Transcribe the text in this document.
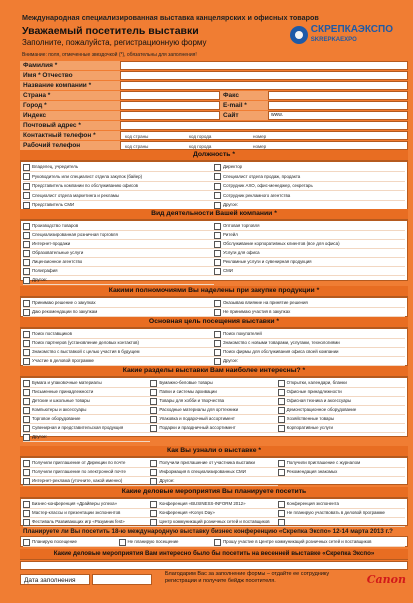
Международная специализированная выставка канцелярских и офисных товаров
Уважаемый посетитель выставки
Заполните, пожалуйста, регистрационную форму
Внимание: поля, отмеченные звездочкой (*), обязательны для заполнения!
СКРЕПКАЭКСПО
SKREPKAEXPO
Фамилия *
Имя * Отчество
Название компании *
Страна *	Факс
Город *	E-mail *
Индекс	Сайт	www.
Почтовый адрес *
Контактный телефон *	код страны	код города	номер
Рабочий телефон	код страны	код города	номер
Должность *
Владелец, учредитель	Директор
Руководитель или специалист отдела закупок (байер)	Специалист отдела продаж, продакта
Представитель компании по обслуживанию офисов	Сотрудник АХО, офис-менеджер, секретарь
Специалист отдела маркетинга и рекламы	Сотрудник рекламного агентства
Представитель СМИ	Другое:
Вид деятельности Вашей компании *
Производство товаров	Оптовая торговля
Специализированная розничная торговля	Ритейл
Интернет-продажи	Обслуживание корпоративных клиентов (все для офиса)
Образовательные услуги	Услуги для офиса
Лицензионное агентство	Рекламные услуги и сувенирная продукция
Полиграфия	СМИ
Другое:
Какими полномочиями Вы наделены при закупке продукции *
Принимаю решение о закупках	Оказываю влияние на принятие решения
Даю рекомендации по закупкам	Не принимаю участия в закупках
Основная цель посещения выставки *
Поиск поставщиков	Поиск покупателей
Поиск партнеров (установление деловых контактов)	Знакомство с новыми товарами, услугами, технологиями
Знакомство с выставкой с целью участия в будущем	Поиск фирмы для обслуживания офиса своей компании
Участие в деловой программе	Другое:
Какие разделы выставки Вам наиболее интересны? *
Бумага и упаковочные материалы	Бумажно-беловые товары	Открытки, календари, бланки
Письменные принадлежности	Папки и системы архивации	Офисные принадлежности
Детские и школьные товары	Товары для хобби и творчества	Офисная техника и аксессуары
Компьютеры и аксессуары	Расходные материалы для оргтехники	Демонстрационное оборудование
Торговое оборудование	Упаковка и подарочный ассортимент	Хозяйственные товары
Сувенирная и представительская продукция	Подарки и праздничный ассортимент	Корпоративные услуги
Другое:
Как Вы узнали о выставке *
Получили приглашение от Дирекции по почте	Получили приглашение от участника выставки	Получили приглашение с журналом
Получили приглашение по электронной почте	Информация в специализированных СМИ	Рекомендация знакомых
Интернет-реклама (уточните, какой именно)	Другое:
Какие деловые мероприятия Вы планируете посетить
Бизнес-конференция «Драйверы успеха»	Конференция «BUSINESS-INFORM 2012»	Конференция экспонента
Мастер-классы и презентации экспонентов	Конференция «Konys Day»	Не планирую участвовать в деловой программе
Фестиваль Развивающих игр «Разумник fest»	Центр коммуникаций розничных сетей и поставщиков
Планируете ли Вы посетить 18-ю международную выставку бизнес конференцию «Скрепка Экспо» 12-14 марта 2013 г.?
Планирую посещение	Не планирую посещение	Прошу участие в Центре коммуникаций розничных сетей и поставщиков
Какие деловые мероприятия Вам интересно было бы посетить на весенней выставке «Скрепка Экспо»
Дата заполнения
Благодарим Вас за заполнение формы – отдайте ее сотруднику регистрации и получите бейдж посетителя.	Canon
